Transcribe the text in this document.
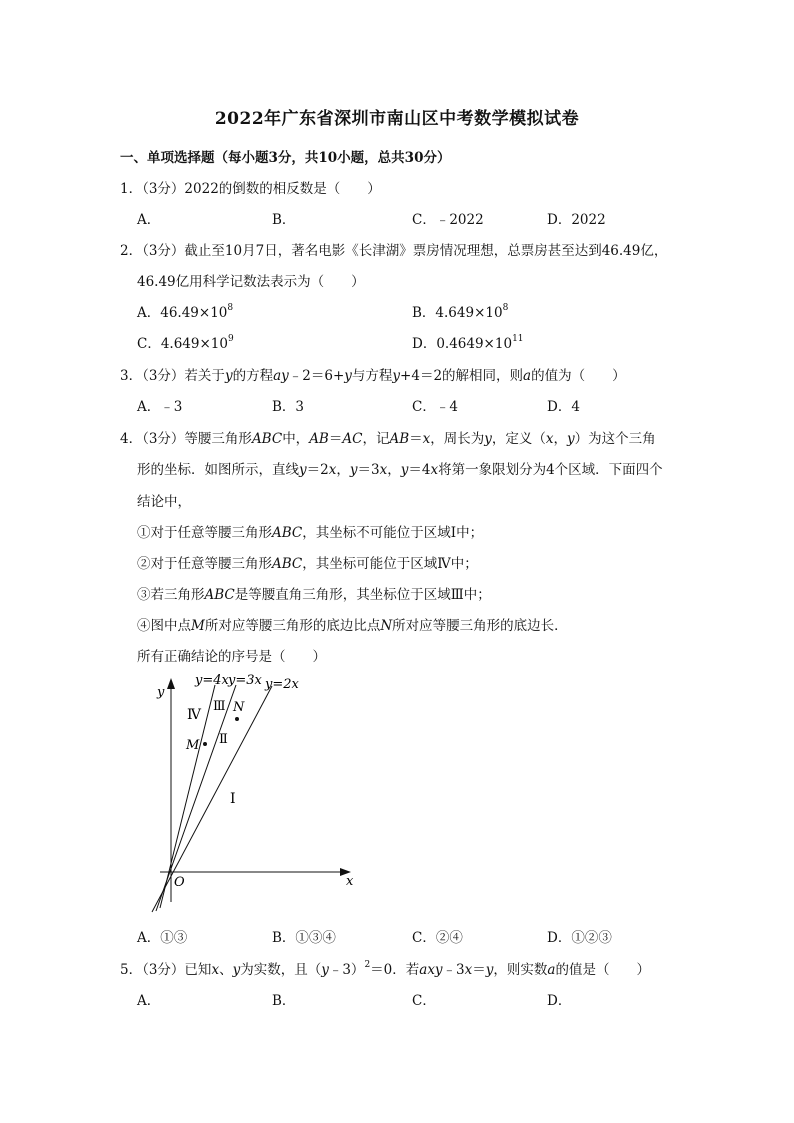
2022年广东省深圳市南山区中考数学模拟试卷
一、单项选择题（每小题3分，共10小题，总共30分）
1．（3分）2022的倒数的相反数是（　　）
A．	B．	C．﹣2022	D．2022
2．（3分）截止至10月7日，著名电影《长津湖》票房情况理想，总票房甚至达到46.49亿，
46.49亿用科学记数法表示为（　　）
A．$46.49\times 10^8$	B．$4.649\times 10^8$
C．$4.649\times 10^9$	D．$0.4649\times 10^{11}$
3．（3分）若关于y的方程ay﹣2＝6+y与方程y+4＝2的解相同，则a的值为（　　）
A．﹣3	B．3	C．﹣4	D．4
4．（3分）等腰三角形ABC中，AB＝AC，记AB＝x，周长为y，定义（x，y）为这个三角
形的坐标．如图所示，直线y＝2x，y＝3x，y＝4x将第一象限划分为4个区域．下面四个
结论中，
①对于任意等腰三角形ABC，其坐标不可能位于区域Ⅰ中；
②对于任意等腰三角形ABC，其坐标可能位于区域Ⅳ中；
③若三角形ABC是等腰直角三角形，其坐标位于区域Ⅲ中；
④图中点M所对应等腰三角形的底边比点N所对应等腰三角形的底边长．
所有正确结论的序号是（　　）
y=4x y=3x y=2x
y
x
O
Ⅳ
Ⅲ
Ⅱ
Ⅰ
N
M
A．①③	B．①③④	C．②④	D．①②③
5．（3分）已知x、y为实数，且（y﹣3）$^2$＝0．若axy﹣3x＝y，则实数a的值是（　　）
A．	B．	C．	D．
